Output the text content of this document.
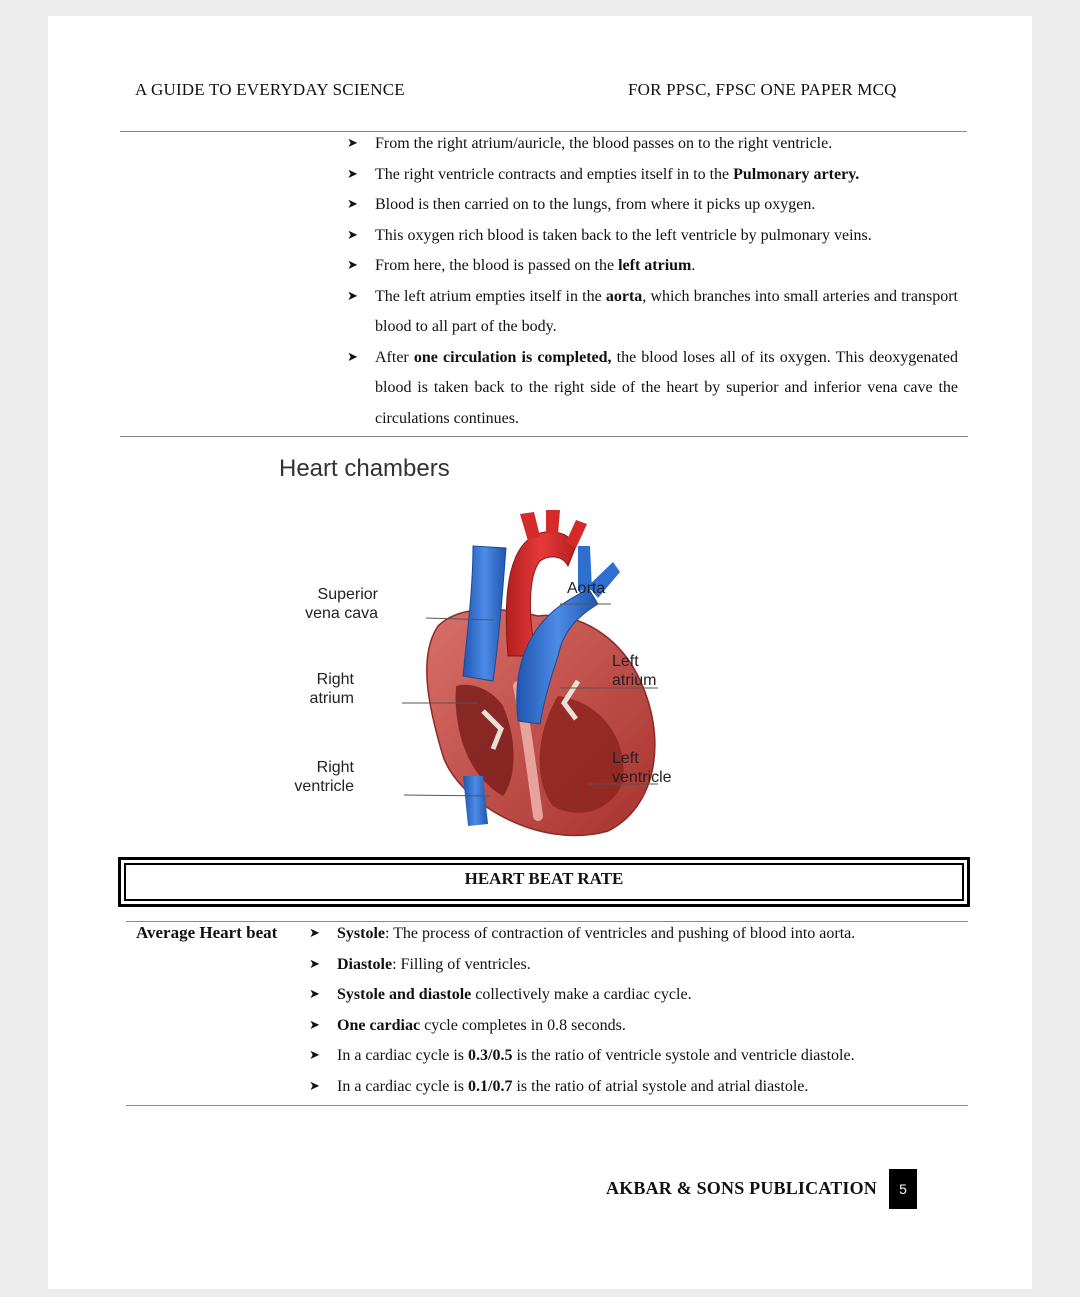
A GUIDE TO EVERYDAY SCIENCE	FOR PPSC, FPSC ONE PAPER MCQ
➤ From the right atrium/auricle, the blood passes on to the right ventricle.
➤ The right ventricle contracts and empties itself in to the Pulmonary artery.
➤ Blood is then carried on to the lungs, from where it picks up oxygen.
➤ This oxygen rich blood is taken back to the left ventricle by pulmonary veins.
➤ From here, the blood is passed on the left atrium.
➤ The left atrium empties itself in the aorta, which branches into small arteries and transport blood to all part of the body.
➤ After one circulation is completed, the blood loses all of its oxygen. This deoxygenated blood is taken back to the right side of the heart by superior and inferior vena cave the circulations continues.
Heart chambers
Superior
vena cava
Aorta
Left
atrium
Right
atrium
Left
ventricle
Right
ventricle
HEART BEAT RATE
Average Heart beat ➤ Systole: The process of contraction of ventricles and pushing of blood into aorta.
➤ Diastole: Filling of ventricles.
➤ Systole and diastole collectively make a cardiac cycle.
➤ One cardiac cycle completes in 0.8 seconds.
➤ In a cardiac cycle is 0.3/0.5 is the ratio of ventricle systole and ventricle diastole.
➤ In a cardiac cycle is 0.1/0.7 is the ratio of atrial systole and atrial diastole.
AKBAR & SONS PUBLICATION	5
